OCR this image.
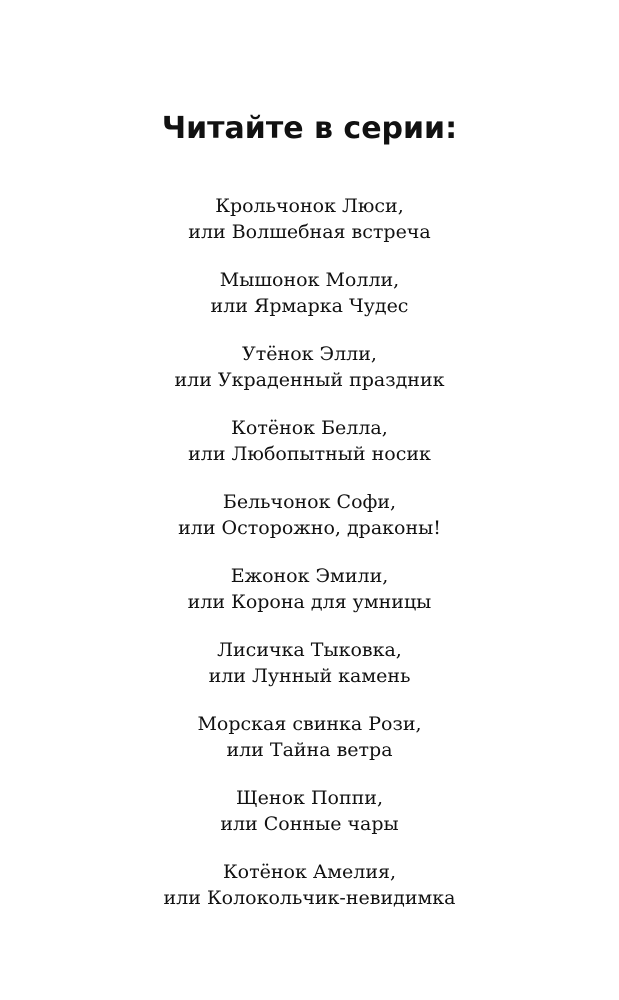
Читайте в серии:
Крольчонок Люси,
или Волшебная встреча
Мышонок Молли,
или Ярмарка Чудес
Утёнок Элли,
или Украденный праздник
Котёнок Белла,
или Любопытный носик
Бельчонок Софи,
или Осторожно, драконы!
Ежонок Эмили,
или Корона для умницы
Лисичка Тыковка,
или Лунный камень
Морская свинка Рози,
или Тайна ветра
Щенок Поппи,
или Сонные чары
Котёнок Амелия,
или Колокольчик-невидимка
